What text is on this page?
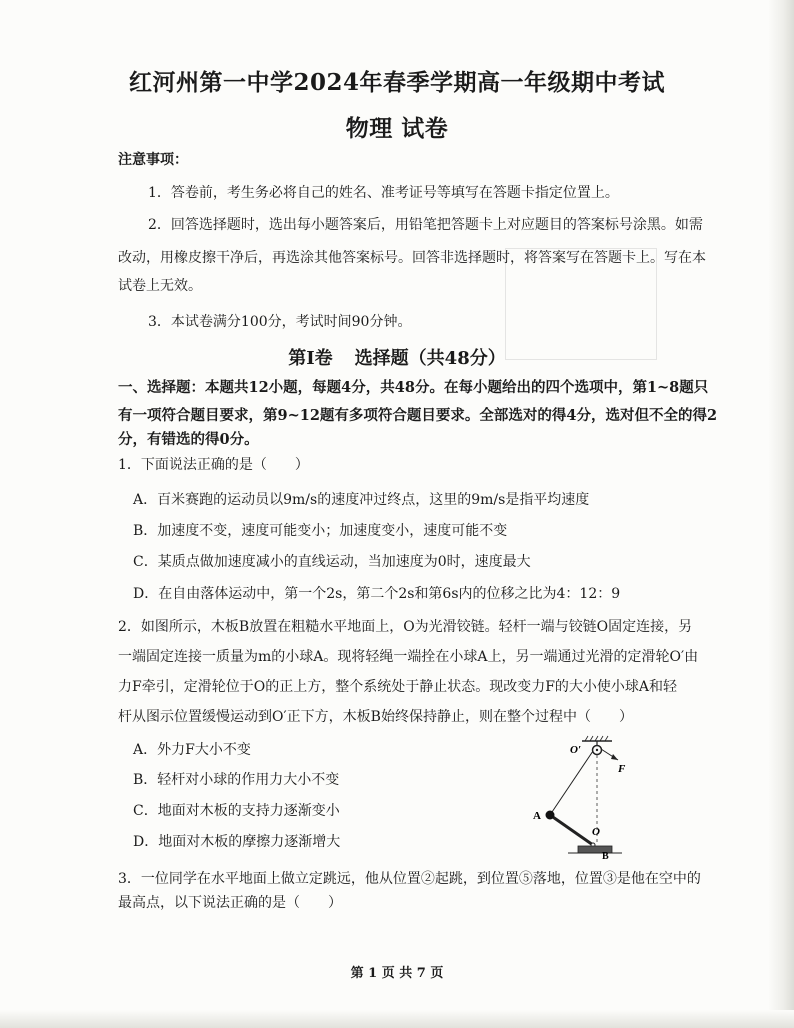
红河州第一中学2024年春季学期高一年级期中考试
物理 试卷
注意事项：
1．答卷前，考生务必将自己的姓名、准考证号等填写在答题卡指定位置上。
2．回答选择题时，选出每小题答案后，用铅笔把答题卡上对应题目的答案标号涂黑。如需
改动，用橡皮擦干净后，再选涂其他答案标号。回答非选择题时，将答案写在答题卡上。写在本
试卷上无效。
3．本试卷满分100分，考试时间90分钟。
第Ⅰ卷 选择题（共48分）
一、选择题：本题共12小题，每题4分，共48分。在每小题给出的四个选项中，第1~8题只
有一项符合题目要求，第9~12题有多项符合题目要求。全部选对的得4分，选对但不全的得2
分，有错选的得0分。
1．下面说法正确的是（　　）
A．百米赛跑的运动员以9m/s的速度冲过终点，这里的9m/s是指平均速度
B．加速度不变，速度可能变小；加速度变小，速度可能不变
C．某质点做加速度减小的直线运动，当加速度为0时，速度最大
D．在自由落体运动中，第一个2s，第二个2s和第6s内的位移之比为4：12：9
2．如图所示，木板B放置在粗糙水平地面上，O为光滑铰链。轻杆一端与铰链O固定连接，另
一端固定连接一质量为m的小球A。现将轻绳一端拴在小球A上，另一端通过光滑的定滑轮O′由
力F牵引，定滑轮位于O的正上方，整个系统处于静止状态。现改变力F的大小使小球A和轻
杆从图示位置缓慢运动到O′正下方，木板B始终保持静止，则在整个过程中（　　）
A．外力F大小不变
B．轻杆对小球的作用力大小不变
C．地面对木板的支持力逐渐变小
D．地面对木板的摩擦力逐渐增大
O′
F
A
O
B
3．一位同学在水平地面上做立定跳远，他从位置②起跳，到位置⑤落地，位置③是他在空中的
最高点，以下说法正确的是（　　）
第 1 页 共 7 页
